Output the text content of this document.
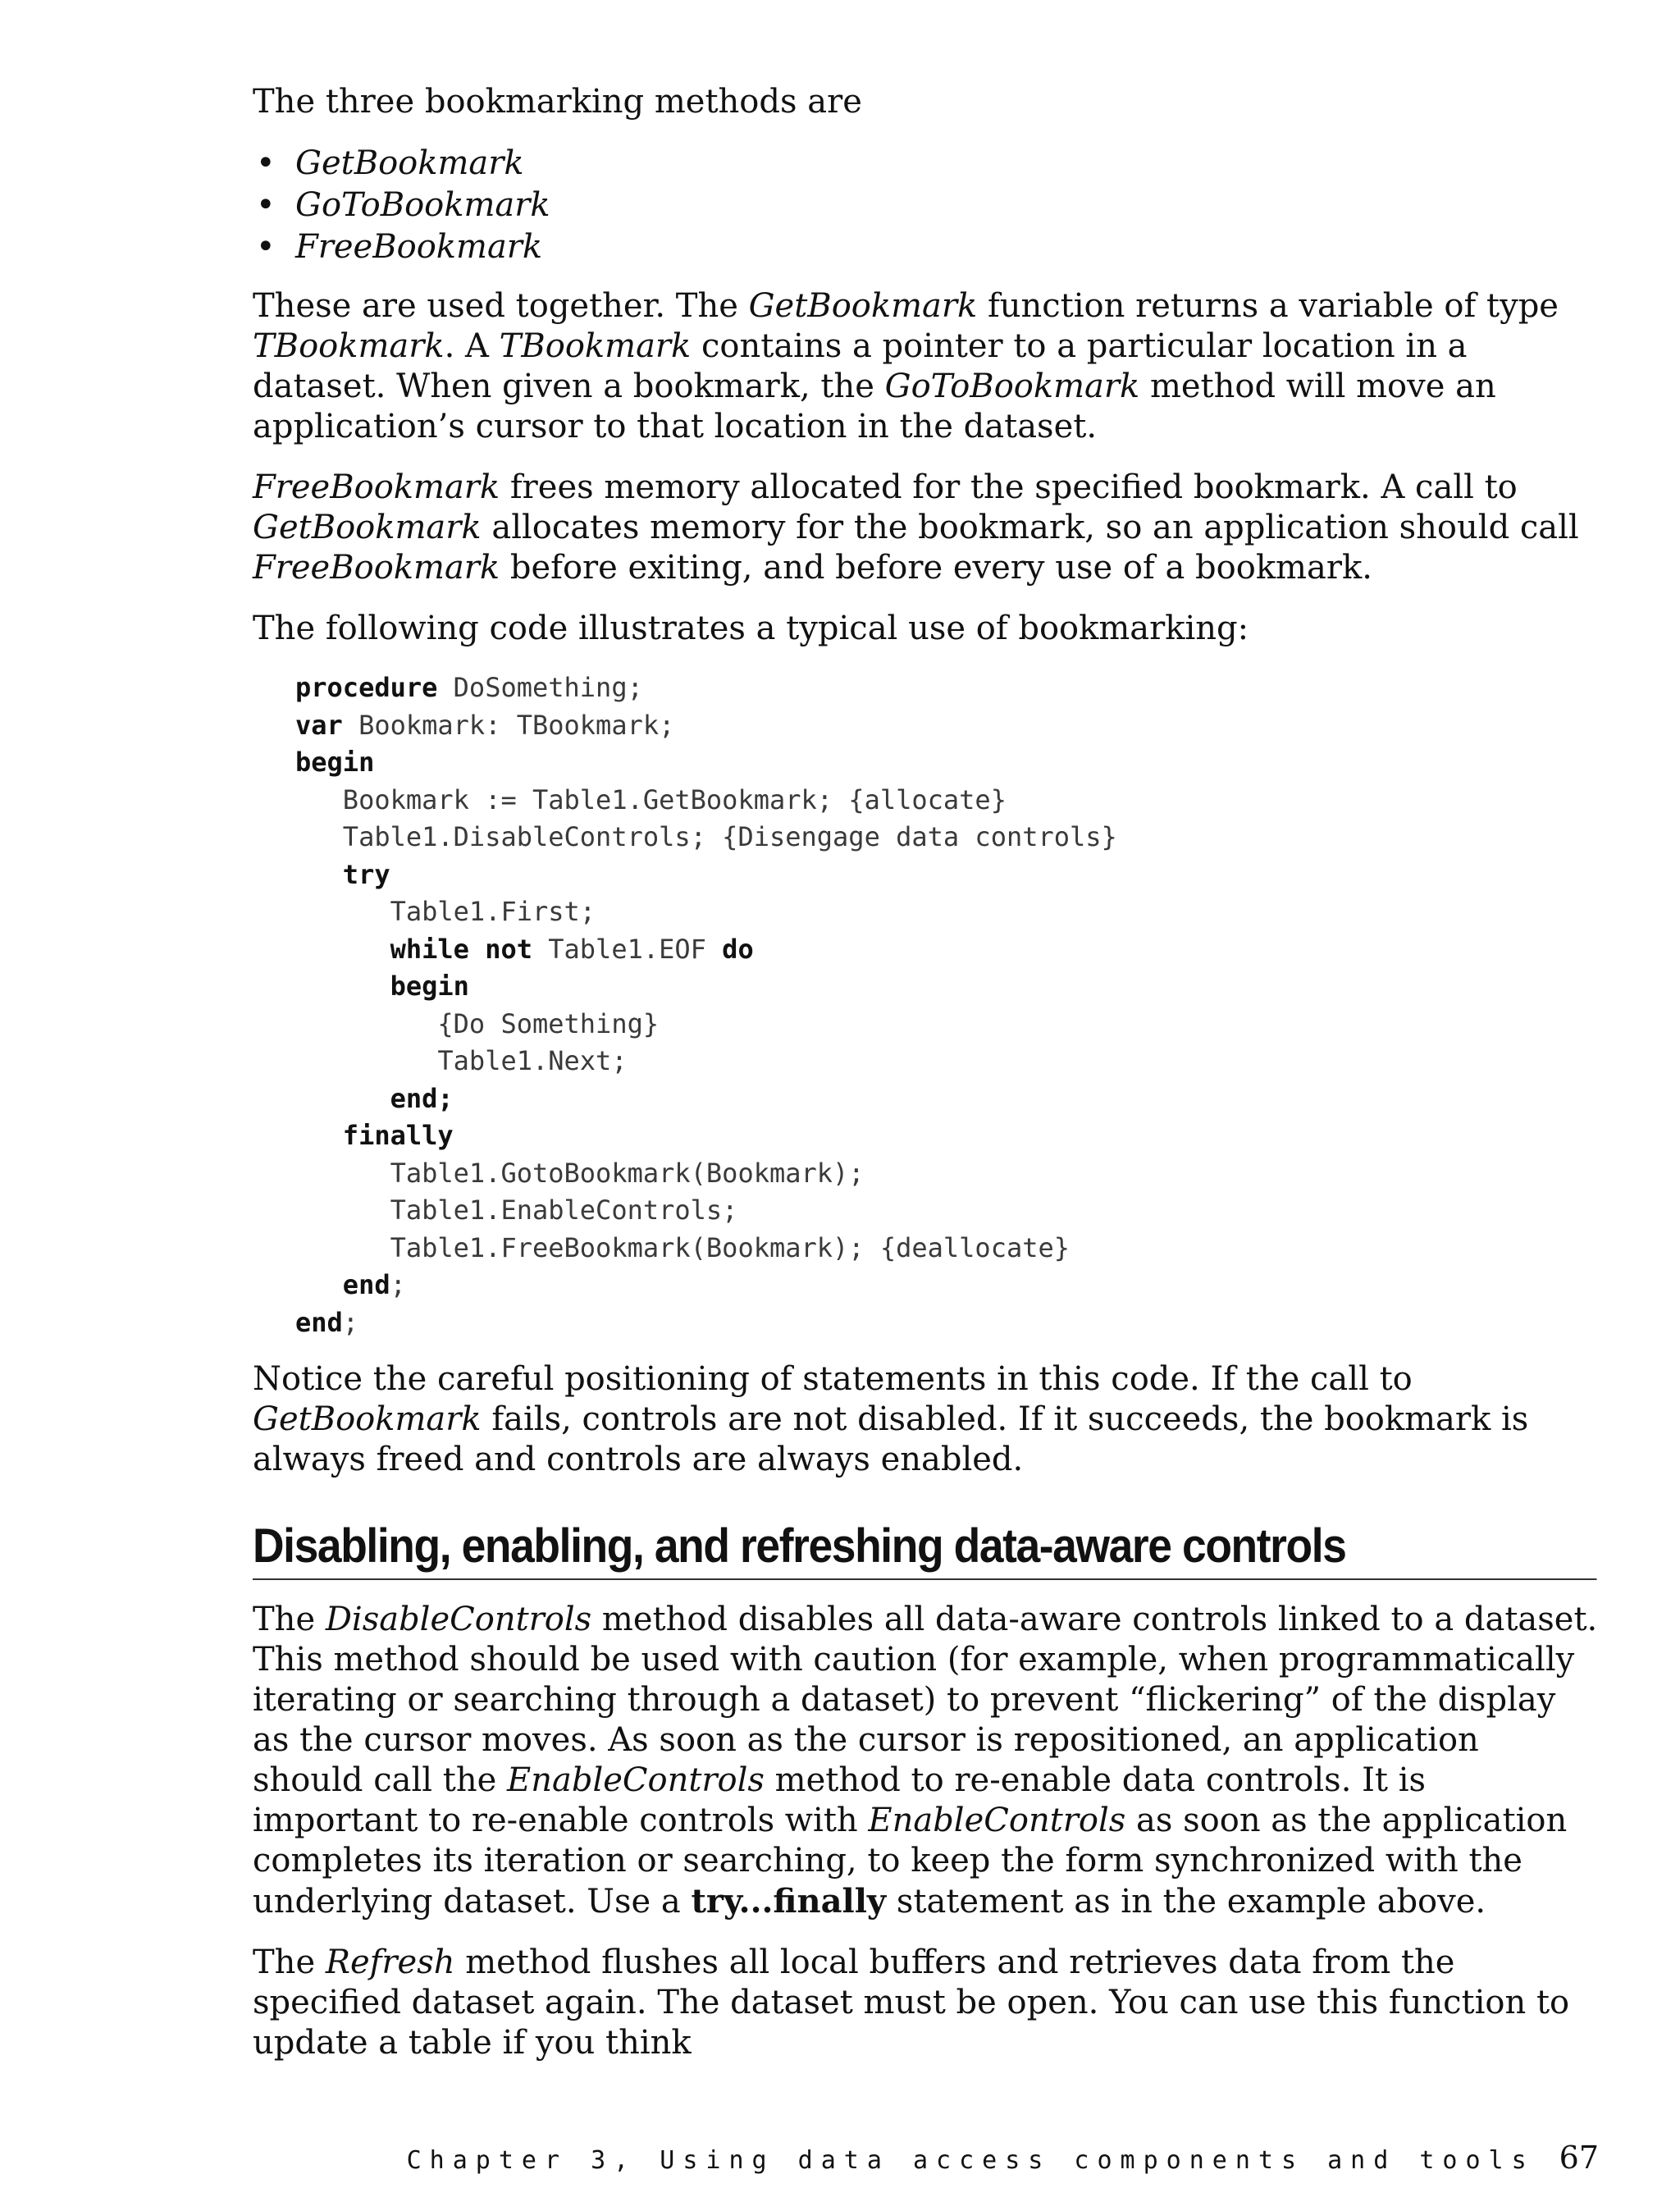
The three bookmarking methods are

• GetBookmark
• GoToBookmark
• FreeBookmark

These are used together. The GetBookmark function returns a variable of type TBookmark. A TBookmark contains a pointer to a particular location in a dataset. When given a bookmark, the GoToBookmark method will move an application’s cursor to that location in the dataset.

FreeBookmark frees memory allocated for the specified bookmark. A call to GetBookmark allocates memory for the bookmark, so an application should call FreeBookmark before exiting, and before every use of a bookmark.

The following code illustrates a typical use of bookmarking:

procedure DoSomething;
var Bookmark: TBookmark;
begin
Bookmark := Table1.GetBookmark; {allocate}
Table1.DisableControls; {Disengage data controls}
try
Table1.First;
while not Table1.EOF do
begin
{Do Something}
Table1.Next;
end;
finally
Table1.GotoBookmark(Bookmark);
Table1.EnableControls;
Table1.FreeBookmark(Bookmark); {deallocate}
end;
end;

Notice the careful positioning of statements in this code. If the call to GetBookmark fails, controls are not disabled. If it succeeds, the bookmark is always freed and controls are always enabled.

Disabling, enabling, and refreshing data-aware controls

The DisableControls method disables all data-aware controls linked to a dataset. This method should be used with caution (for example, when programmatically iterating or searching through a dataset) to prevent “flickering” of the display as the cursor moves. As soon as the cursor is repositioned, an application should call the EnableControls method to re-enable data controls. It is important to re-enable controls with EnableControls as soon as the application completes its iteration or searching, to keep the form synchronized with the underlying dataset. Use a try...finally statement as in the example above.

The Refresh method flushes all local buffers and retrieves data from the specified dataset again. The dataset must be open. You can use this function to update a table if you think

Chapter 3, Using data access components and tools 67
